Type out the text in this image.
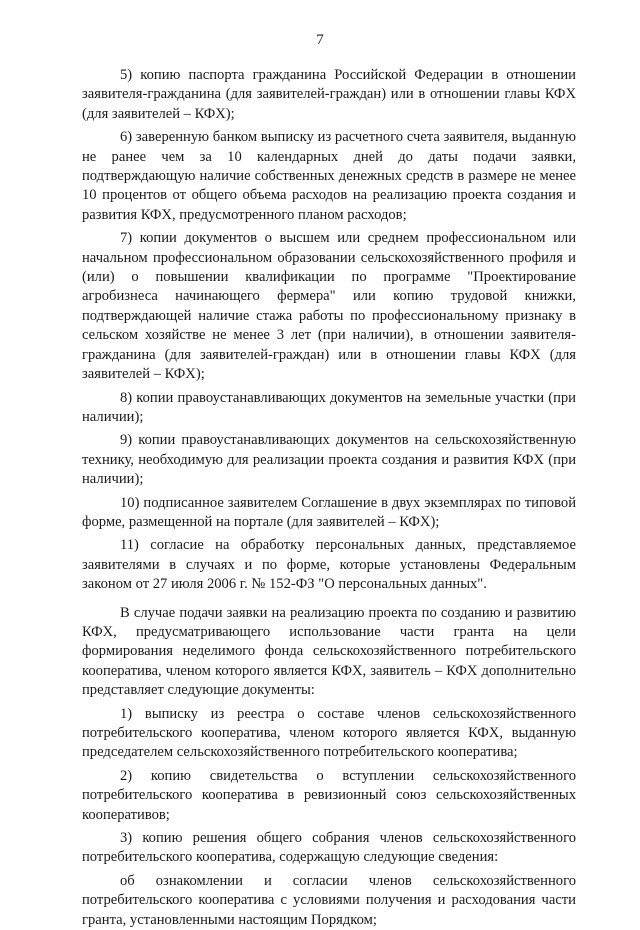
7

5) копию паспорта гражданина Российской Федерации в отношении заявителя-гражданина (для заявителей-граждан) или в отношении главы КФХ (для заявителей – КФХ);

6) заверенную банком выписку из расчетного счета заявителя, выданную не ранее чем за 10 календарных дней до даты подачи заявки, подтверждающую наличие собственных денежных средств в размере не менее 10 процентов от общего объема расходов на реализацию проекта создания и развития КФХ, предусмотренного планом расходов;

7) копии документов о высшем или среднем профессиональном или начальном профессиональном образовании сельскохозяйственного профиля и (или) о повышении квалификации по программе "Проектирование агробизнеса начинающего фермера" или копию трудовой книжки, подтверждающей наличие стажа работы по профессиональному признаку в сельском хозяйстве не менее 3 лет (при наличии), в отношении заявителя-гражданина (для заявителей-граждан) или в отношении главы КФХ (для заявителей – КФХ);

8) копии правоустанавливающих документов на земельные участки (при наличии);

9) копии правоустанавливающих документов на сельскохозяйственную технику, необходимую для реализации проекта создания и развития КФХ (при наличии);

10) подписанное заявителем Соглашение в двух экземплярах по типовой форме, размещенной на портале (для заявителей – КФХ);

11) согласие на обработку персональных данных, представляемое заявителями в случаях и по форме, которые установлены Федеральным законом от 27 июля 2006 г. № 152-ФЗ "О персональных данных".

В случае подачи заявки на реализацию проекта по созданию и развитию КФХ, предусматривающего использование части гранта на цели формирования неделимого фонда сельскохозяйственного потребительского кооператива, членом которого является КФХ, заявитель – КФХ дополнительно представляет следующие документы:

1) выписку из реестра о составе членов сельскохозяйственного потребительского кооператива, членом которого является КФХ, выданную председателем сельскохозяйственного потребительского кооператива;

2) копию свидетельства о вступлении сельскохозяйственного потребительского кооператива в ревизионный союз сельскохозяйственных кооперативов;

3) копию решения общего собрания членов сельскохозяйственного потребительского кооператива, содержащую следующие сведения:

об ознакомлении и согласии членов сельскохозяйственного потребительского кооператива с условиями получения и расходования части гранта, установленными настоящим Порядком;
